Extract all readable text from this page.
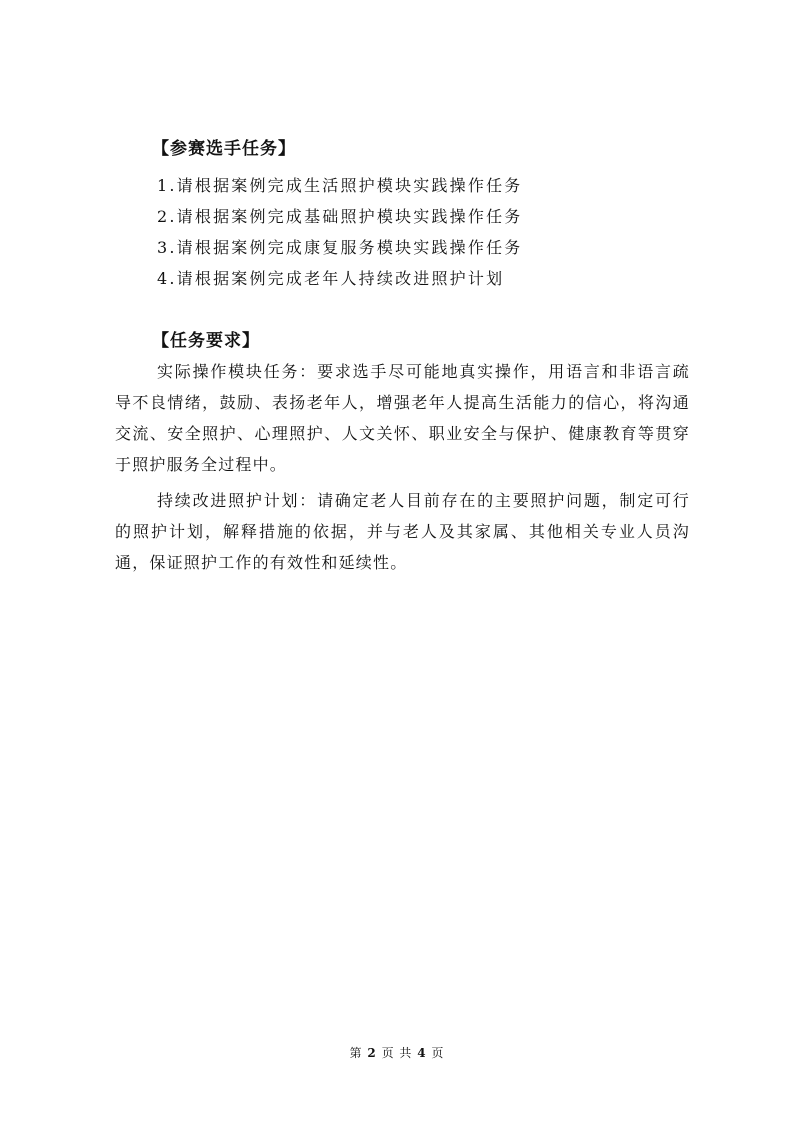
【参赛选手任务】
1.请根据案例完成生活照护模块实践操作任务
2.请根据案例完成基础照护模块实践操作任务
3.请根据案例完成康复服务模块实践操作任务
4.请根据案例完成老年人持续改进照护计划
【任务要求】

实际操作模块任务：要求选手尽可能地真实操作，用语言和非语言疏导不良情绪，鼓励、表扬老年人，增强老年人提高生活能力的信心，将沟通交流、安全照护、心理照护、人文关怀、职业安全与保护、健康教育等贯穿于照护服务全过程中。

持续改进照护计划：请确定老人目前存在的主要照护问题，制定可行的照护计划，解释措施的依据，并与老人及其家属、其他相关专业人员沟通，保证照护工作的有效性和延续性。

第 2 页 共 4 页
